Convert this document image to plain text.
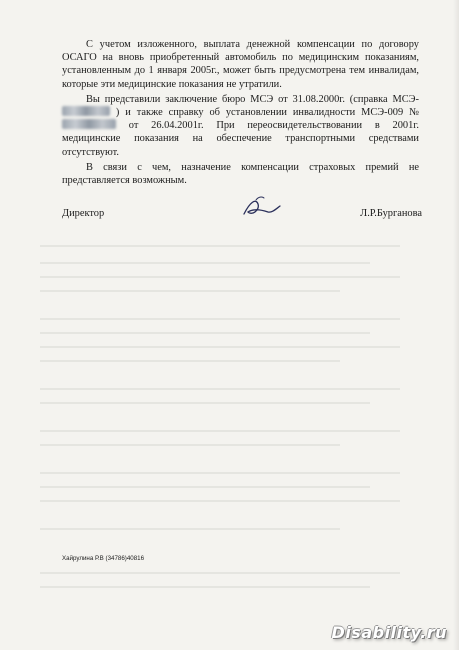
С учетом изложенного, выплата денежной компенсации по договору ОСАГО на вновь приобретенный автомобиль по медицинским показаниям, установленным до 1 января 2005г., может быть предусмотрена тем инвалидам, которые эти медицинские показания не утратили.

Вы представили заключение бюро МСЭ от 31.08.2000г. (справка МСЭ-  ) и также справку об установлении инвалидности МСЭ-009 №  от 26.04.2001г. При переосвидетельствовании в 2001г. медицинские показания на обеспечение транспортными средствами отсутствуют.

В связи с чем, назначение компенсации страховых премий не представляется возможным.

Директор	Л.Р.Бурганова
Хайрулина Р.В (34786)40816
Disability.ru
